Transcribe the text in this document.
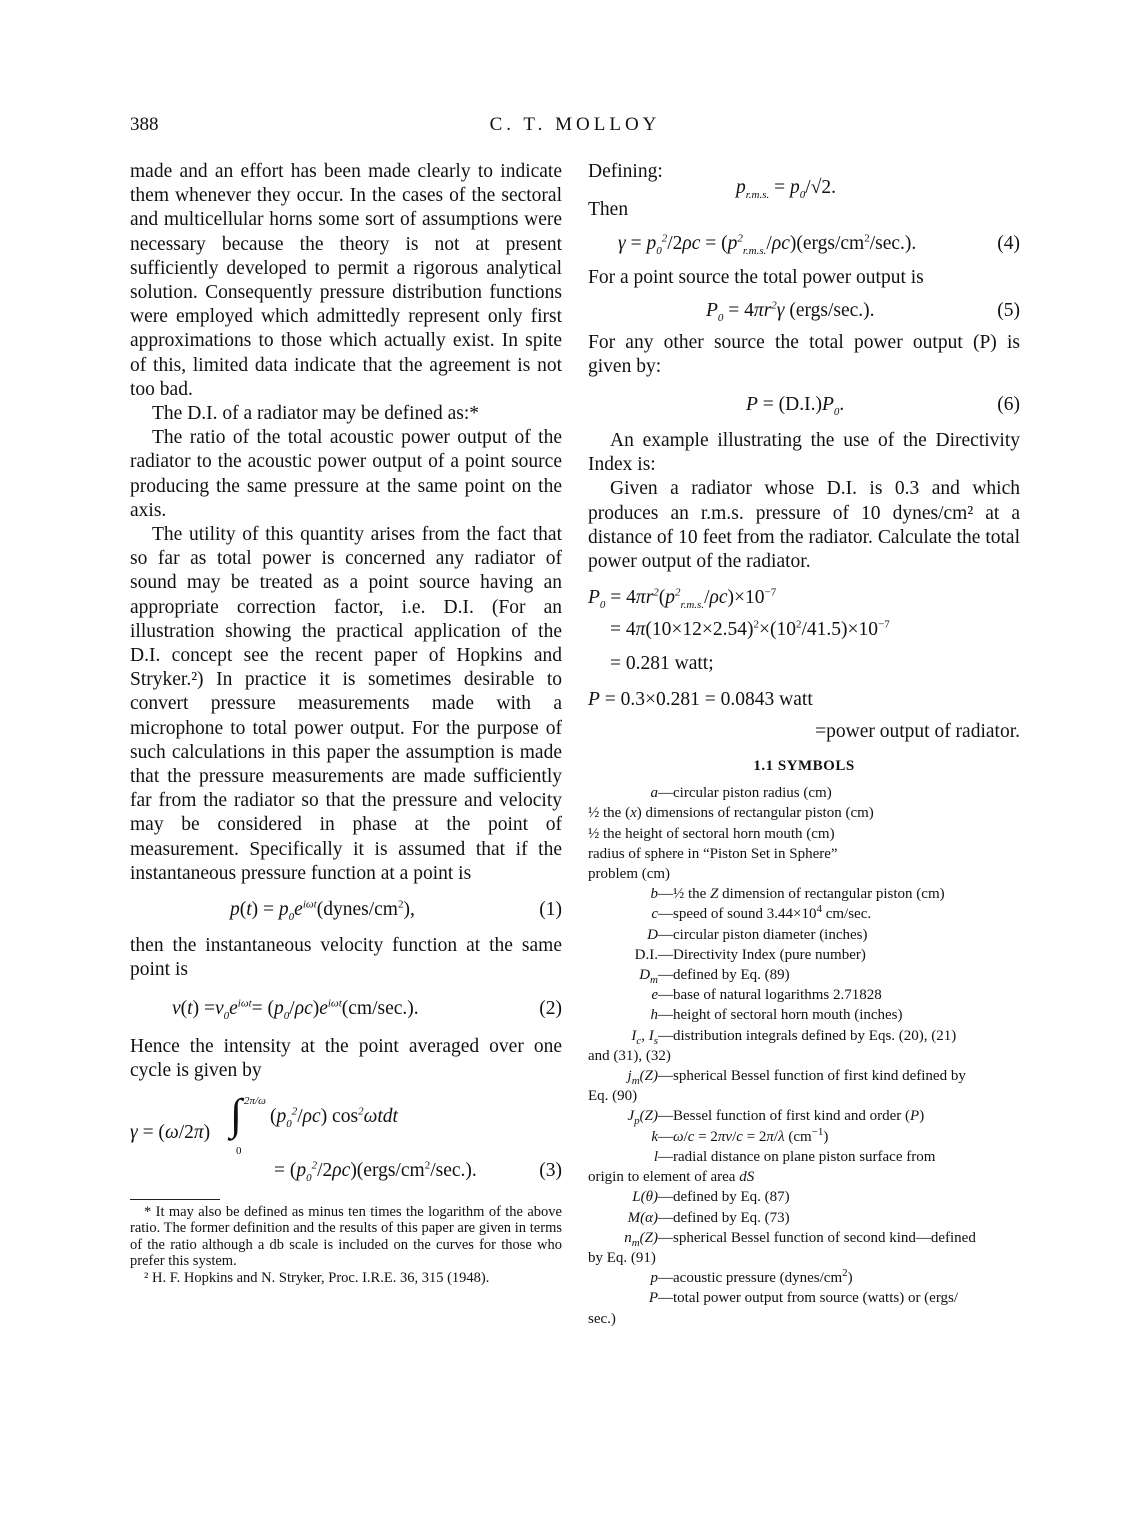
388	C. T. MOLLOY

made and an effort has been made clearly to indicate them whenever they occur. In the cases of the sectoral and multicellular horns some sort of assumptions were necessary because the theory is not at present sufficiently developed to permit a rigorous analytical solution. Consequently pressure distribution functions were employed which admittedly represent only first approximations to those which actually exist. In spite of this, limited data indicate that the agreement is not too bad.

The D.I. of a radiator may be defined as:*

The ratio of the total acoustic power output of the radiator to the acoustic power output of a point source producing the same pressure at the same point on the axis.

The utility of this quantity arises from the fact that so far as total power is concerned any radiator of sound may be treated as a point source having an appropriate correction factor, i.e. D.I. (For an illustration showing the practical application of the D.I. concept see the recent paper of Hopkins and Stryker.²) In practice it is sometimes desirable to convert pressure measurements made with a microphone to total power output. For the purpose of such calculations in this paper the assumption is made that the pressure measurements are made sufficiently far from the radiator so that the pressure and velocity may be considered in phase at the point of measurement. Specifically it is assumed that if the instantaneous pressure function at a point is

$p(t) = p_0e^{i\omega t}(dynes/cm^2)$,	(1)

then the instantaneous velocity function at the same point is

$v(t) =v_0e^{i\omega t}= (p_0/\rho c)e^{i\omega t}(cm/\sec.)$.	(2)

Hence the intensity at the point averaged over one cycle is given by

γ = (ω/2π) ∫ 2π/ω
0
$(p_0^2/\rho c)$ $\cos^2\omega tdt$
= $(p_0^2/2\rho c)(ergs/cm^2/\sec.)$.	(3)

* It may also be defined as minus ten times the logarithm of the above ratio. The former definition and the results of this paper are given in terms of the ratio although a db scale is included on the curves for those who prefer this system.

² H. F. Hopkins and N. Stryker, Proc. I.R.E. 36, 315 (1948).

Defining:

$p_{r.m.s.} = p_0/√2$.

Then

$\gamma = p_0^2/2\rho c$ = $(p^2_{r.m.s.}/\rho c)(ergs/cm^2/\sec.)$.	(4)

For a point source the total power output is

$P_0 = 4\pi r^2\gamma$ (ergs/sec.).	(5)

For any other source the total power output (P) is given by:

$P = (D.I.)P_0$.	(6)

An example illustrating the use of the Directivity Index is:

Given a radiator whose D.I. is 0.3 and which produces an r.m.s. pressure of 10 dynes/cm² at a distance of 10 feet from the radiator. Calculate the total power output of the radiator.

$P_0 = 4\pi r^2(p^2_{r.m.s.}/\rho c)\times 10^{-7}$
= $4\pi(10\times 12\times 2.54)^2\times(10^2/41.5)\times 10^{-7}$
= 0.281 watt;
P = 0.3×0.281 = 0.0843 watt
=power output of radiator.
1.1 SYMBOLS
a—circular piston radius (cm)
½ the (x) dimensions of rectangular piston (cm)
½ the height of sectoral horn mouth (cm)
radius of sphere in “Piston Set in Sphere”
problem (cm)
b—½ the Z dimension of rectangular piston (cm)
c—speed of sound $3.44\times 10^4$ cm/sec.
D—circular piston diameter (inches)
D.I.—Directivity Index (pure number)
$D_m—defined$ by Eq. (89)
e—base of natural logarithms 2.71828
h—height of sectoral horn mouth (inches)
$I_c$, $I_s—distribution$ integrals defined by Eqs. (20), (21)
and (31), (32)
$j_m(Z)—spherical$ Bessel function of first kind defined by
Eq. (90)
$J_p(Z)—Bessel$ function of first kind and order (P)
k—ω/c = 2πν/c = 2π/λ $(cm^{-1})$
l—radial distance on plane piston surface from
origin to element of area dS
L(θ)—defined by Eq. (87)
M(α)—defined by Eq. (73)
$n_m(Z)—spherical$ Bessel function of second kind—defined
by Eq. (91)
p—acoustic pressure $(dynes/cm^2)$
P—total power output from source (watts) or (ergs/
sec.)
